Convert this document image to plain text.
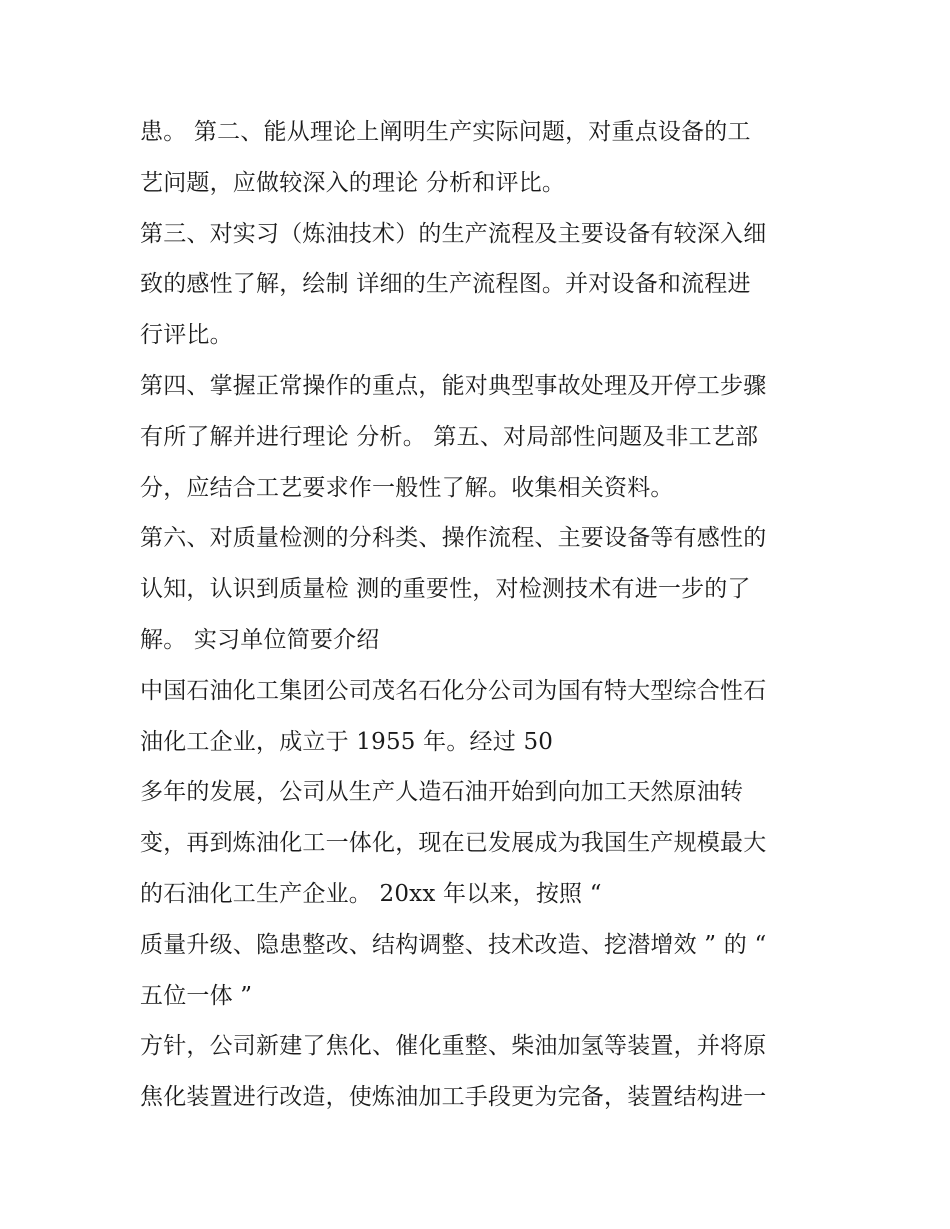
患。 第二、能从理论上阐明生产实际问题，对重点设备的工
艺问题，应做较深入的理论 分析和评比。
第三、对实习（炼油技术）的生产流程及主要设备有较深入细
致的感性了解，绘制 详细的生产流程图。并对设备和流程进
行评比。
第四、掌握正常操作的重点，能对典型事故处理及开停工步骤
有所了解并进行理论 分析。 第五、对局部性问题及非工艺部
分，应结合工艺要求作一般性了解。收集相关资料。
第六、对质量检测的分科类、操作流程、主要设备等有感性的
认知，认识到质量检 测的重要性，对检测技术有进一步的了
解。 实习单位简要介绍
中国石油化工集团公司茂名石化分公司为国有特大型综合性石
油化工企业，成立于 1955 年。经过 50
多年的发展，公司从生产人造石油开始到向加工天然原油转
变，再到炼油化工一体化，现在已发展成为我国生产规模最大
的石油化工生产企业。 20xx 年以来，按照 “
质量升级、隐患整改、结构调整、技术改造、挖潜增效 ” 的 “
五位一体 ”
方针，公司新建了焦化、催化重整、柴油加氢等装置，并将原
焦化装置进行改造，使炼油加工手段更为完备，装置结构进一
